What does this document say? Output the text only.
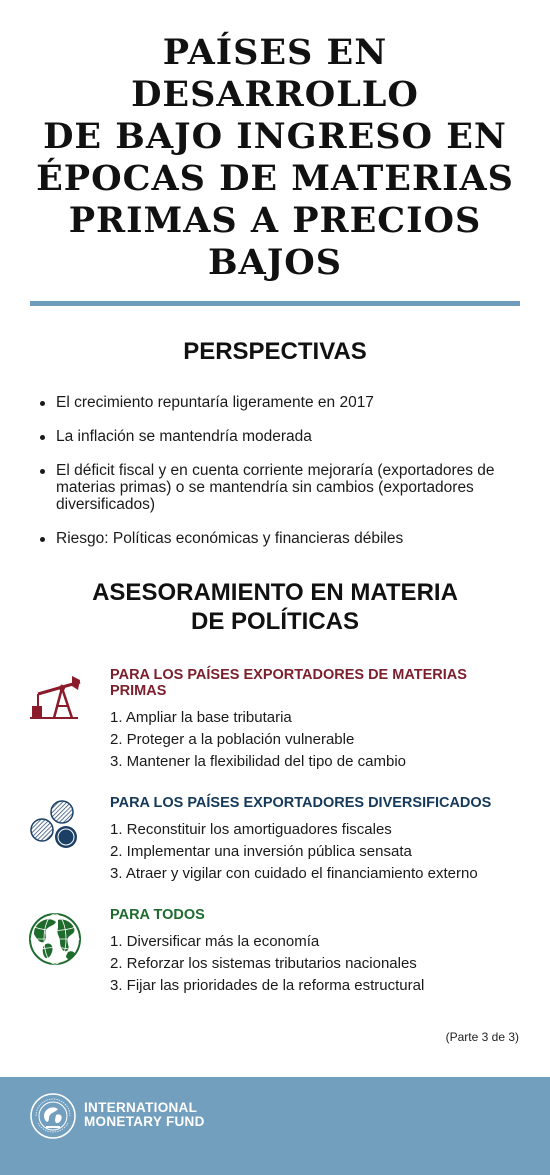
PAÍSES EN
DESARROLLO
DE BAJO INGRESO EN
ÉPOCAS DE MATERIAS
PRIMAS A PRECIOS
BAJOS
PERSPECTIVAS
El crecimiento repuntaría ligeramente en 2017
La inflación se mantendría moderada
El déficit fiscal y en cuenta corriente mejoraría (exportadores de materias primas) o se mantendría sin cambios (exportadores diversificados)
Riesgo: Políticas económicas y financieras débiles
ASESORAMIENTO EN MATERIA
DE POLÍTICAS
PARA LOS PAÍSES EXPORTADORES DE MATERIAS PRIMAS
1. Ampliar la base tributaria
2. Proteger a la población vulnerable
3. Mantener la flexibilidad del tipo de cambio
PARA LOS PAÍSES EXPORTADORES DIVERSIFICADOS
1. Reconstituir los amortiguadores fiscales
2. Implementar una inversión pública sensata
3. Atraer y vigilar con cuidado el financiamiento externo
PARA TODOS
1. Diversificar más la economía
2. Reforzar los sistemas tributarios nacionales
3. Fijar las prioridades de la reforma estructural
(Parte 3 de 3)
INTERNATIONAL
MONETARY FUND
